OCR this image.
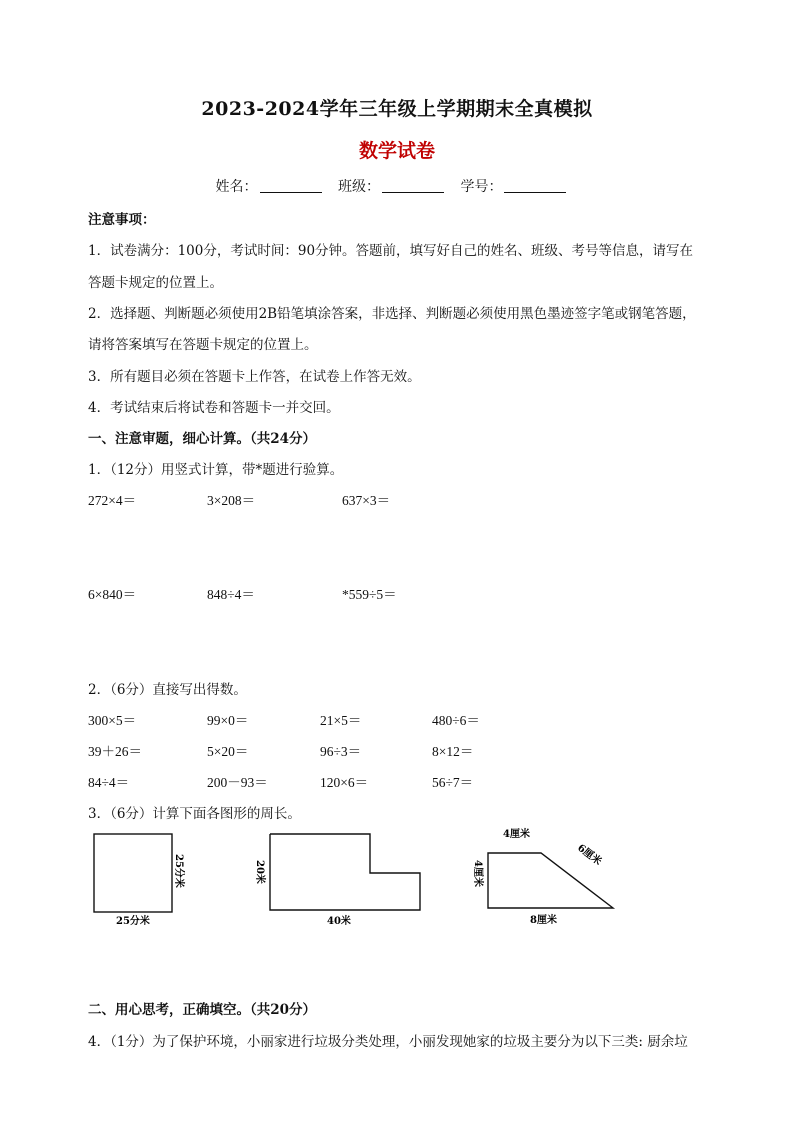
2023-2024学年三年级上学期期末全真模拟
数学试卷
姓名：	班级：	学号：
注意事项：
1．试卷满分：100分，考试时间：90分钟。答题前，填写好自己的姓名、班级、考号等信息，请写在
答题卡规定的位置上。
2．选择题、判断题必须使用2B铅笔填涂答案，非选择、判断题必须使用黑色墨迹签字笔或钢笔答题，
请将答案填写在答题卡规定的位置上。
3．所有题目必须在答题卡上作答，在试卷上作答无效。
4．考试结束后将试卷和答题卡一并交回。
一、注意审题，细心计算。（共24分）
1．（12分）用竖式计算，带*题进行验算。
272×4＝	3×208＝	637×3＝
6×840＝	848÷4＝	*559÷5＝
2．（6分）直接写出得数。
300×5＝	99×0＝	21×5＝	480÷6＝
39＋26＝	5×20＝	96÷3＝	8×12＝
84÷4＝	200－93＝	120×6＝	56÷7＝
3．（6分）计算下面各图形的周长。
25分米
25分米
20米
40米
4厘米
4厘米
6厘米
8厘米
二、用心思考，正确填空。（共20分）
4．（1分）为了保护环境，小丽家进行垃圾分类处理，小丽发现她家的垃圾主要分为以下三类: 厨余垃
